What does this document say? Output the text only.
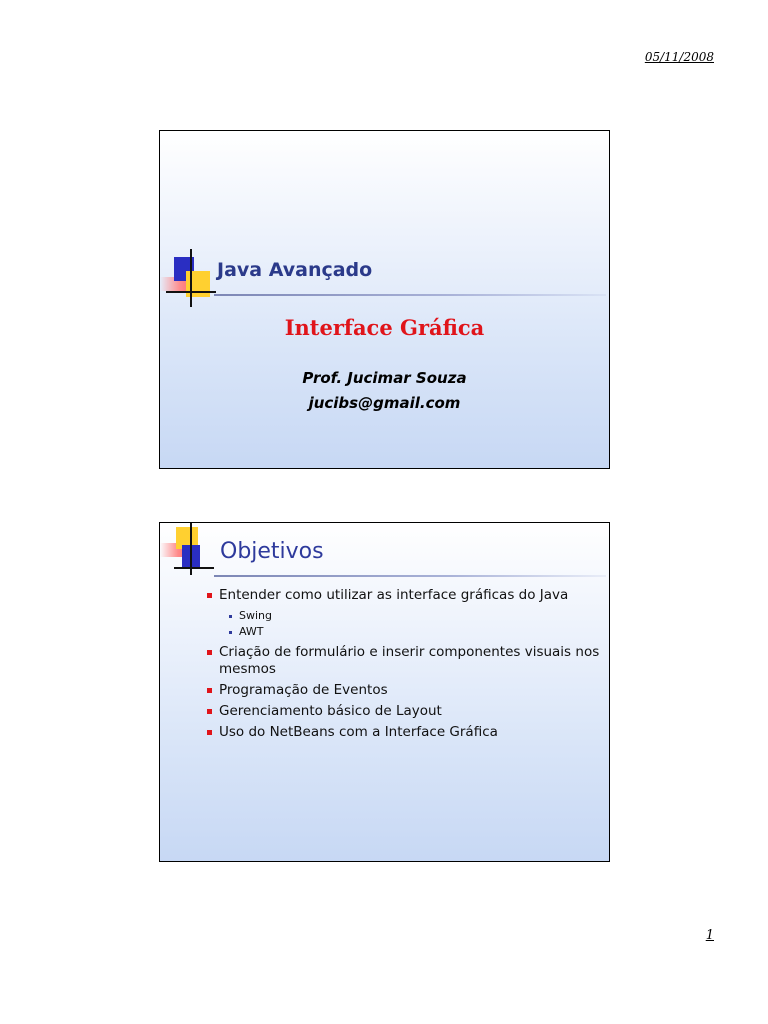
05/11/2008
Java Avançado
Interface Gráfica

Prof. Jucimar Souza

jucibs@gmail.com

Objetivos
Entender como utilizar as interface gráficas do Java
Swing
AWT
Criação de formulário e inserir componentes visuais nos mesmos
Programação de Eventos
Gerenciamento básico de Layout
Uso do NetBeans com a Interface Gráfica
1
